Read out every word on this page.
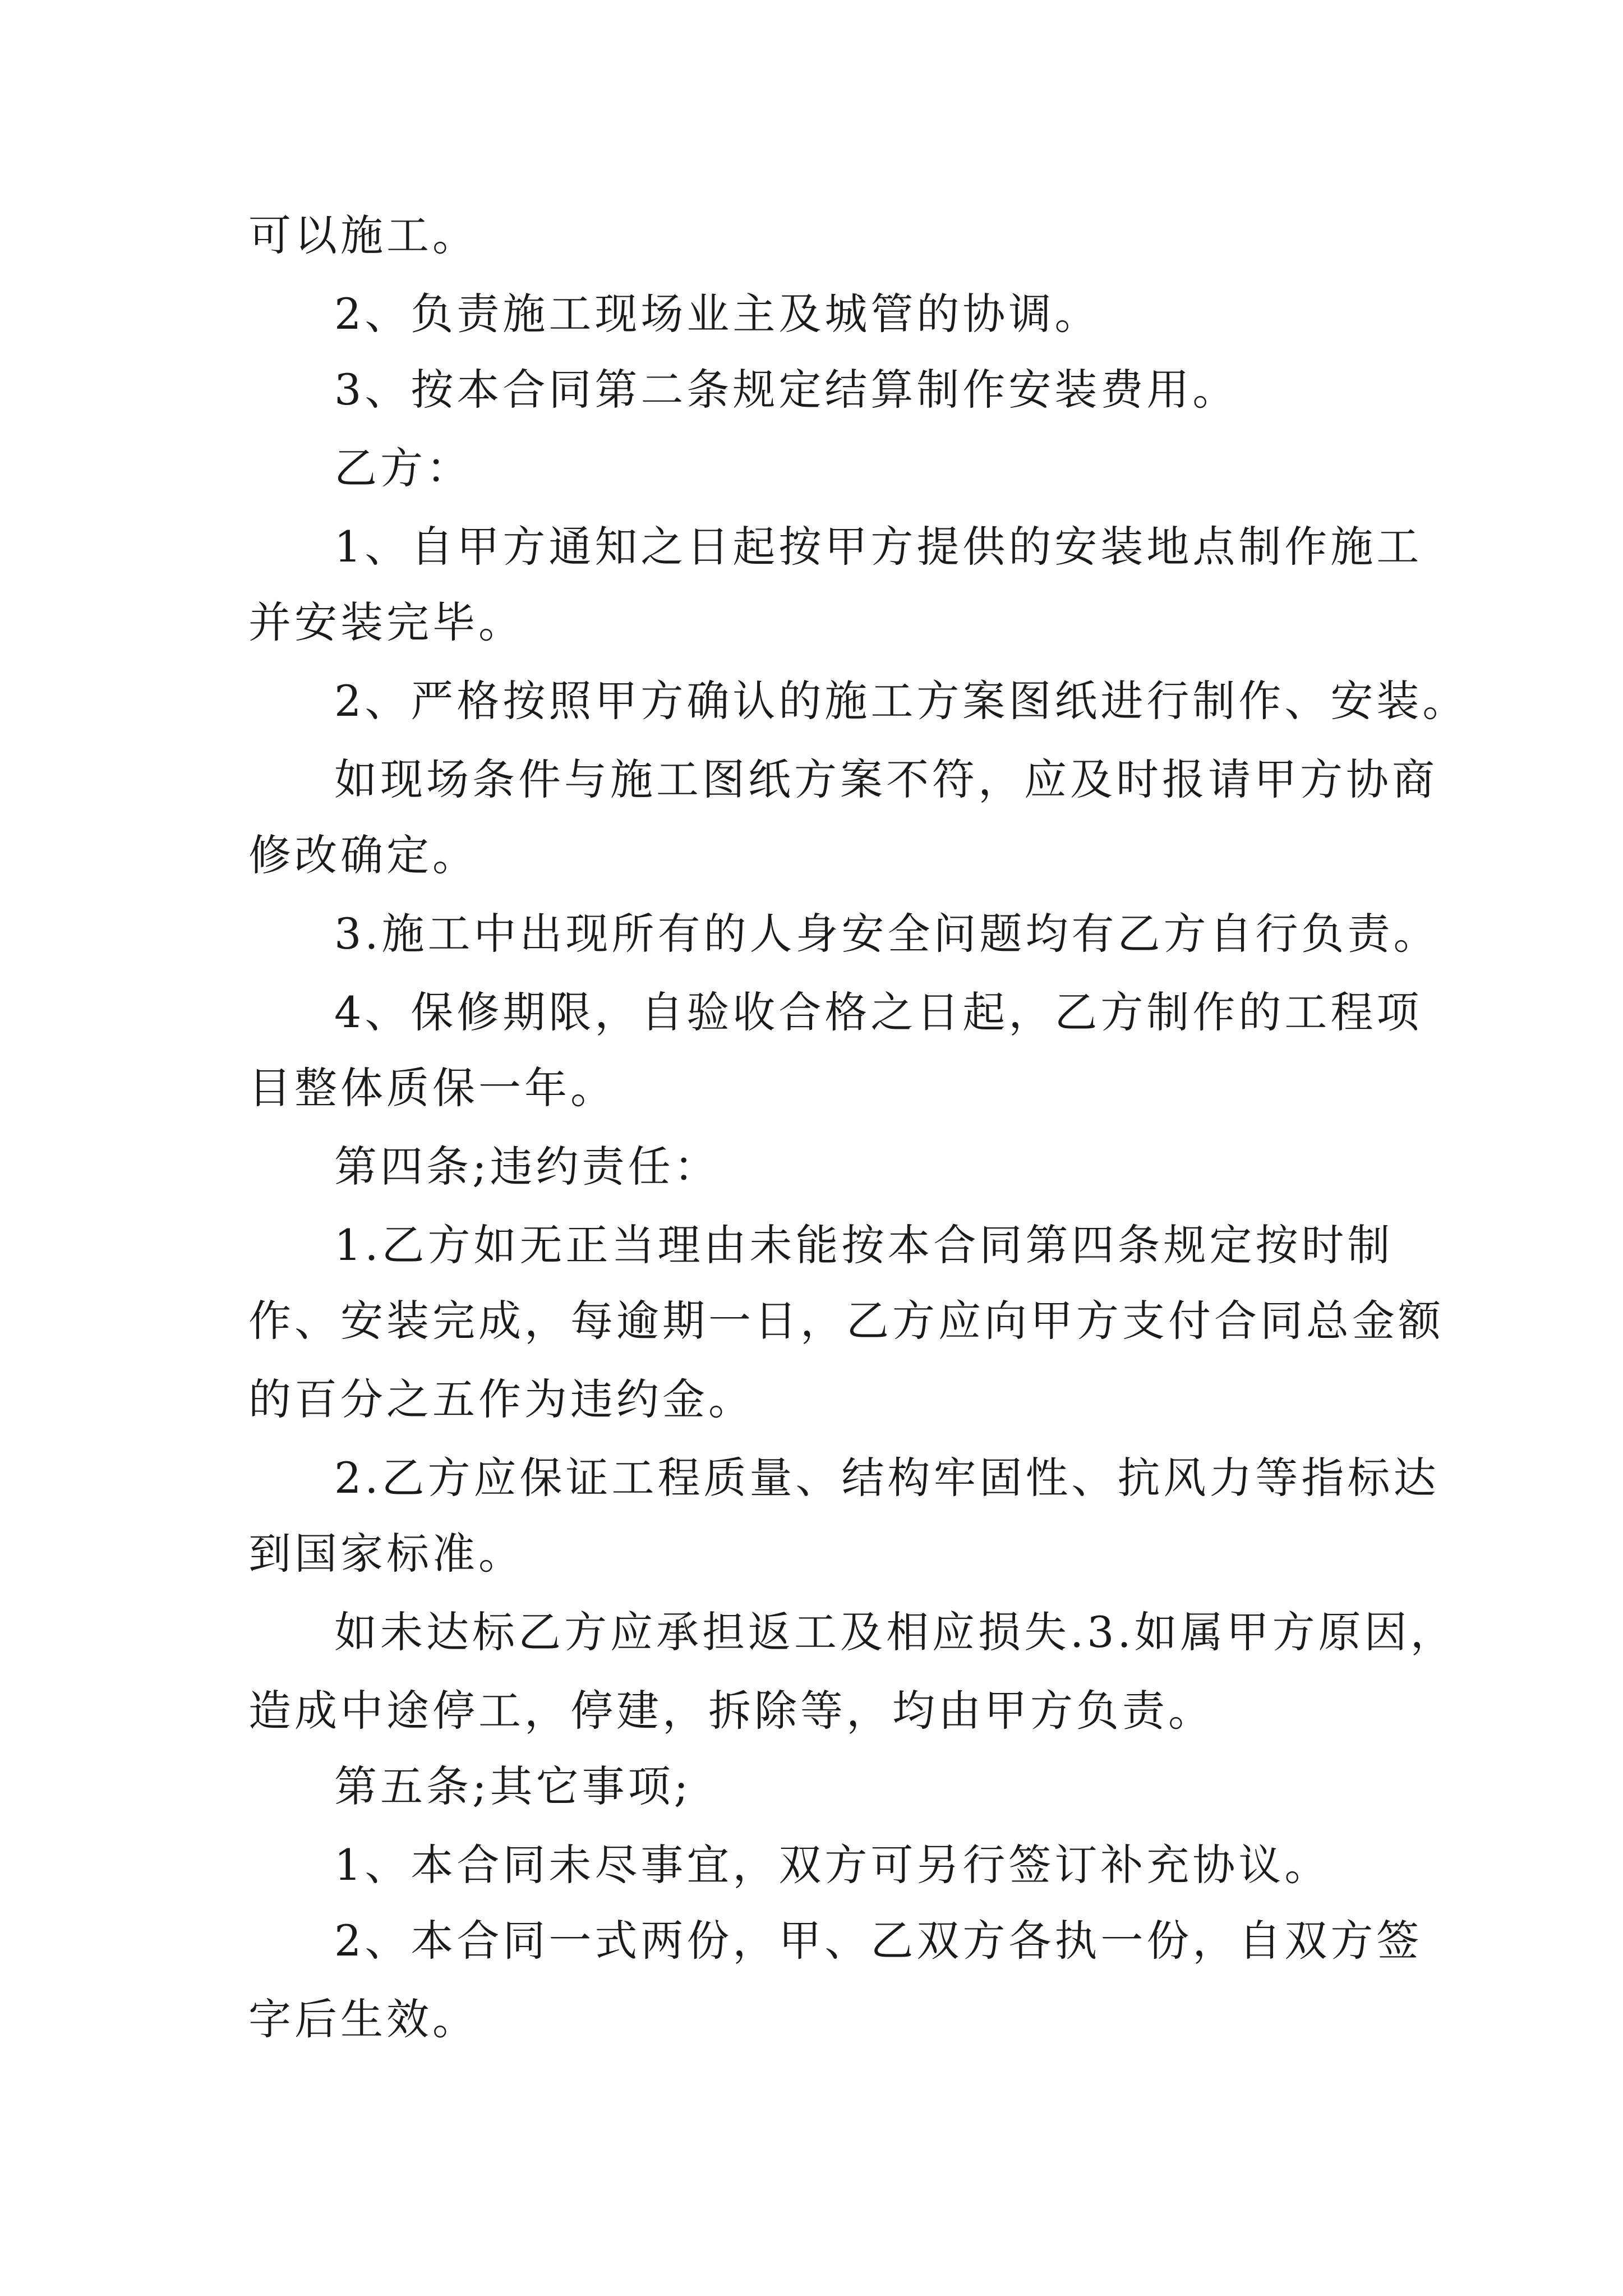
可以施工。
2、负责施工现场业主及城管的协调。
3、按本合同第二条规定结算制作安装费用。
乙方：
1、自甲方通知之日起按甲方提供的安装地点制作施工
并安装完毕。
2、严格按照甲方确认的施工方案图纸进行制作、安装。
如现场条件与施工图纸方案不符，应及时报请甲方协商
修改确定。
3.施工中出现所有的人身安全问题均有乙方自行负责。
4、保修期限，自验收合格之日起，乙方制作的工程项
目整体质保一年。
第四条;违约责任：
1.乙方如无正当理由未能按本合同第四条规定按时制
作、安装完成，每逾期一日，乙方应向甲方支付合同总金额
的百分之五作为违约金。
2.乙方应保证工程质量、结构牢固性、抗风力等指标达
到国家标准。
如未达标乙方应承担返工及相应损失.3.如属甲方原因，
造成中途停工，停建，拆除等，均由甲方负责。
第五条;其它事项;
1、本合同未尽事宜，双方可另行签订补充协议。
2、本合同一式两份，甲、乙双方各执一份，自双方签
字后生效。
